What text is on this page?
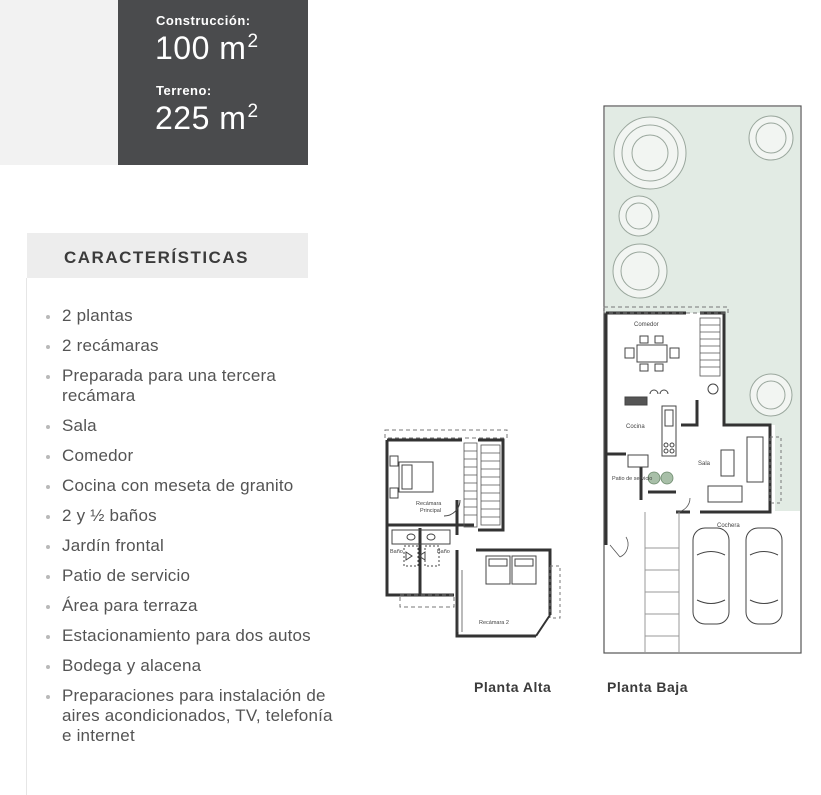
Construcción:
100 $m^2$
Terreno:
225 $m^2$
CARACTERÍSTICAS
2 plantas
2 recámaras
Preparada para una tercera recámara
Sala
Comedor
Cocina con meseta de granito
2 y ½ baños
Jardín frontal
Patio de servicio
Área para terraza
Estacionamiento para dos autos
Bodega y alacena
Preparaciones para instalación de aires acondicionados, TV, telefonía e internet
Comedor
Cocina
Sala
Patio de servicio
Cochera
Recámara
Principal
Baño	Baño
Recámara 2
Planta Alta	Planta Baja
